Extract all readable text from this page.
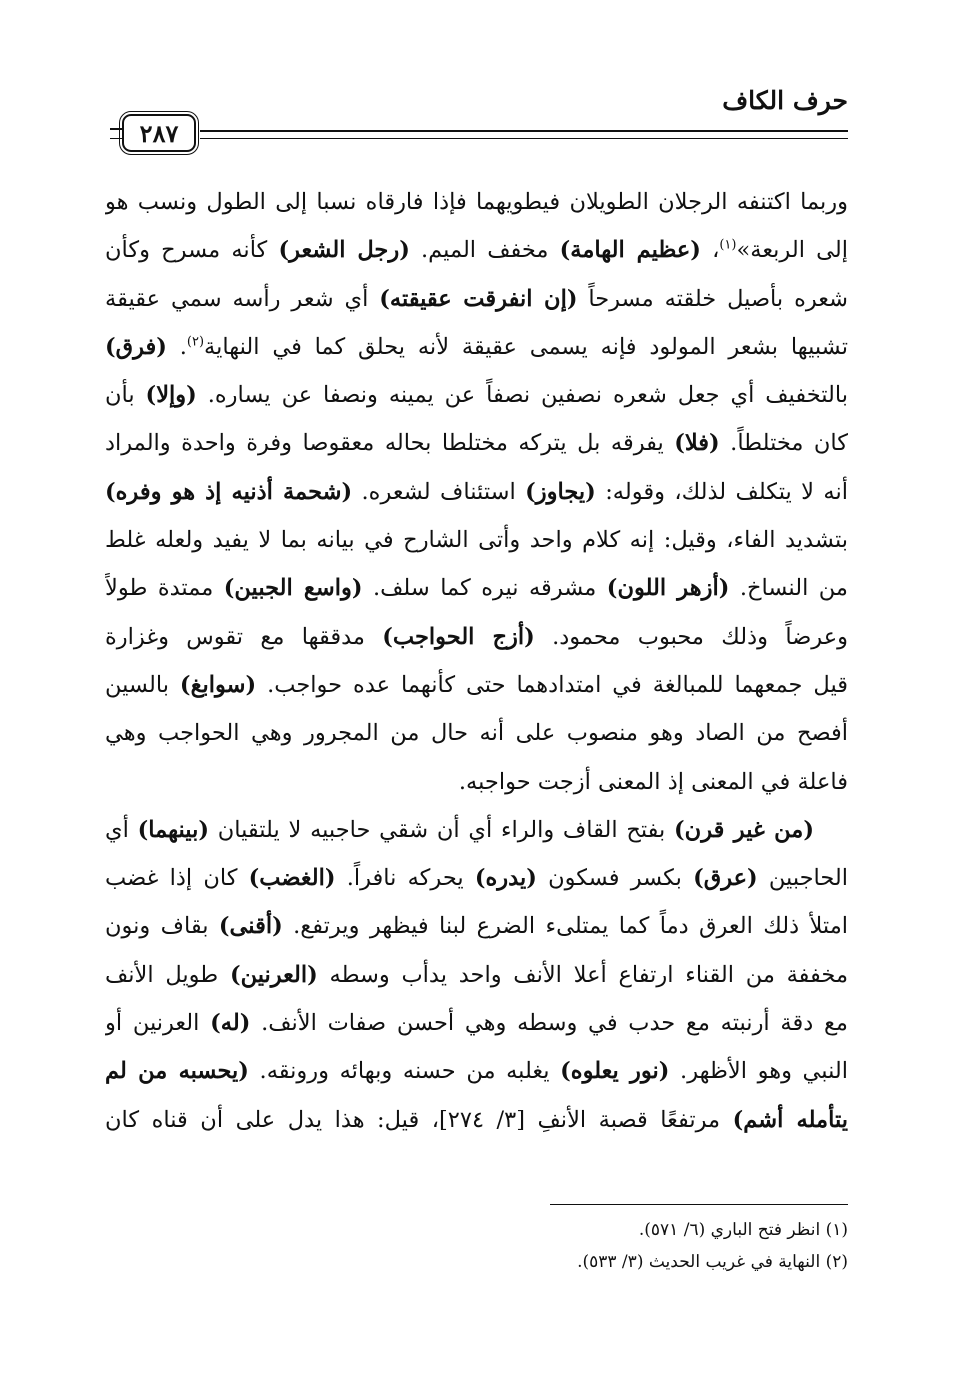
حرف الكاف
٢٨٧
وربما اكتنفه الرجلان الطويلان فيطويهما فإذا فارقاه نسبا إلى الطول ونسب هو
إلى الربعة»$^{(١)}$، (عظيم الهامة) مخفف الميم. (رجل الشعر) كأنه مسرح وكأن
شعره بأصيل خلقته مسرحاً (إن انفرقت عقيقته) أي شعر رأسه سمي عقيقة
تشبيها بشعر المولود فإنه يسمى عقيقة لأنه يحلق كما في النهاية$^{(٢)}$. (فرق)
بالتخفيف أي جعل شعره نصفين نصفاً عن يمينه ونصفا عن يساره. (وإلا) بأن
كان مختلطاً. (فلا) يفرقه بل يتركه مختلطا بحاله معقوصا وفرة واحدة والمراد
أنه لا يتكلف لذلك، وقوله: (يجاوز) استئناف لشعره. (شحمة أذنيه إذ هو وفره)
بتشديد الفاء، وقيل: إنه كلام واحد وأتى الشارح في بيانه بما لا يفيد ولعله غلط
من النساخ. (أزهر اللون) مشرقه نيره كما سلف. (واسع الجبين) ممتدة طولاً
وعرضاً وذلك محبوب محمود. (أزج الحواجب) مدققها مع تقوس وغزارة
قيل جمعهما للمبالغة في امتدادهما حتى كأنهما عده حواجب. (سوابغ) بالسين
أفصح من الصاد وهو منصوب على أنه حال من المجرور وهي الحواجب وهي
فاعلة في المعنى إذ المعنى أزجت حواجبه.
(من غير قرن) بفتح القاف والراء أي أن شقي حاجبيه لا يلتقيان (بينهما) أي
الحاجبين (عرق) بكسر فسكون (يدره) يحركه نافراً. (الغضب) كان إذا غضب
امتلأ ذلك العرق دماً كما يمتلىء الضرع لبنا فيظهر ويرتفع. (أقنى) بقاف ونون
مخففة من القناء ارتفاع أعلا الأنف واحد يدأب وسطه (العرنين) طويل الأنف
مع دقة أرنبته مع حدب في وسطه وهي أحسن صفات الأنف. (له) العرنين أو
النبي وهو الأظهر. (نور يعلوه) يغلبه من حسنه وبهائه ورونقه. (يحسبه من لم
يتأمله أشم) مرتفعًا قصبة الأنفِ [٣/ ٢٧٤]، قيل: هذا يدل على أن قناه كان
(١) انظر فتح الباري (٦/ ٥٧١).
(٢) النهاية في غريب الحديث (٣/ ٥٣٣).
